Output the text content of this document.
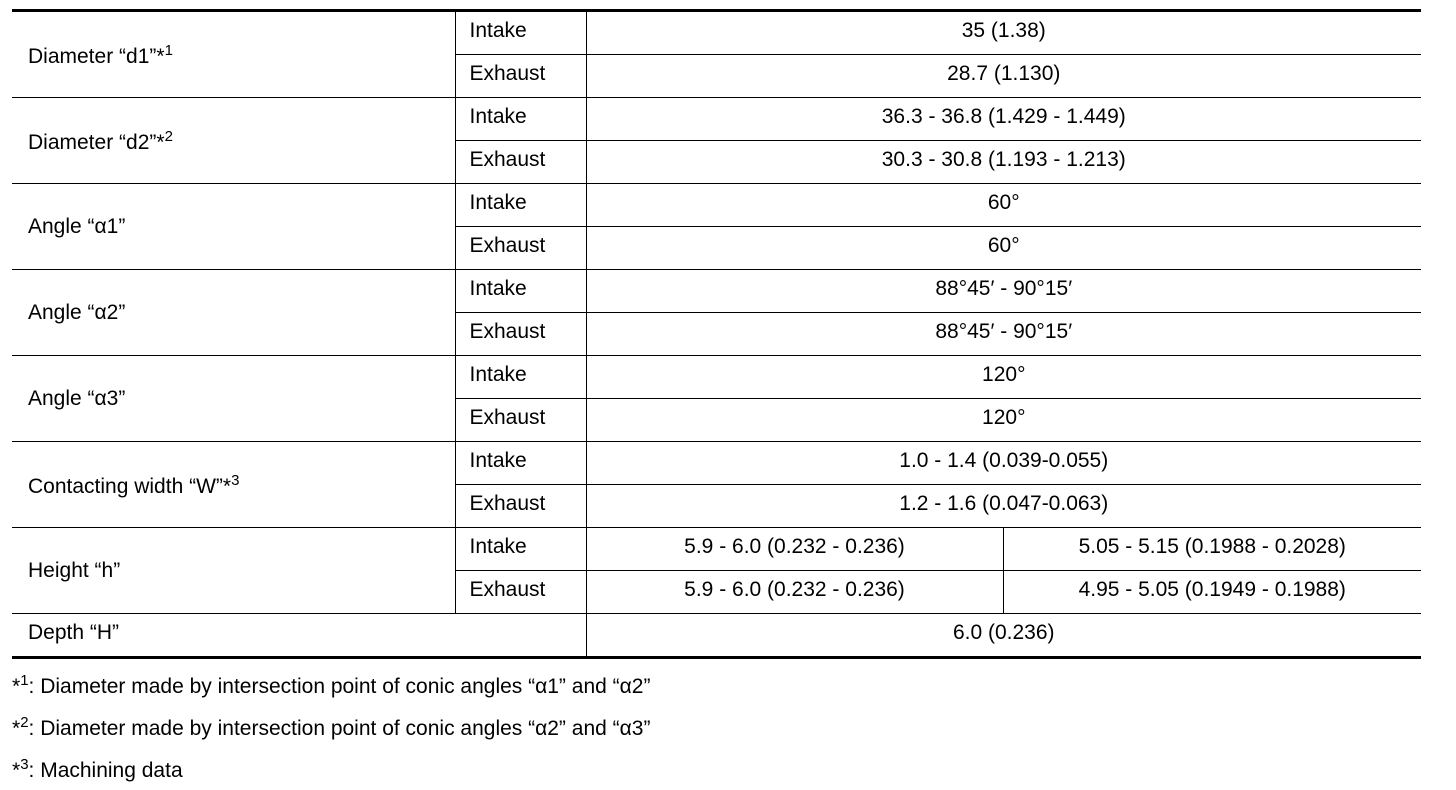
Diameter “d1”*$^1$	Intake	35 (1.38)	
	Exhaust	28.7 (1.130)	
Diameter “d2”*$^2$	Intake	36.3 - 36.8 (1.429 - 1.449)	
	Exhaust	30.3 - 30.8 (1.193 - 1.213)	
Angle “α1”	Intake	60°	
	Exhaust	60°	
Angle “α2”	Intake	88°45′ - 90°15′	
	Exhaust	88°45′ - 90°15′	
Angle “α3”	Intake	120°	
	Exhaust	120°	
Contacting width “W”*$^3$	Intake	1.0 - 1.4 (0.039-0.055)	
	Exhaust	1.2 - 1.6 (0.047-0.063)	
Height “h”	Intake	5.9 - 6.0 (0.232 - 0.236)	5.05 - 5.15 (0.1988 - 0.2028)
	Exhaust	5.9 - 6.0 (0.232 - 0.236)	4.95 - 5.05 (0.1949 - 0.1988)
Depth “H”		6.0 (0.236)	
*$^1$: Diameter made by intersection point of conic angles “α1” and “α2”
*$^2$: Diameter made by intersection point of conic angles “α2” and “α3”
*$^3$: Machining data
